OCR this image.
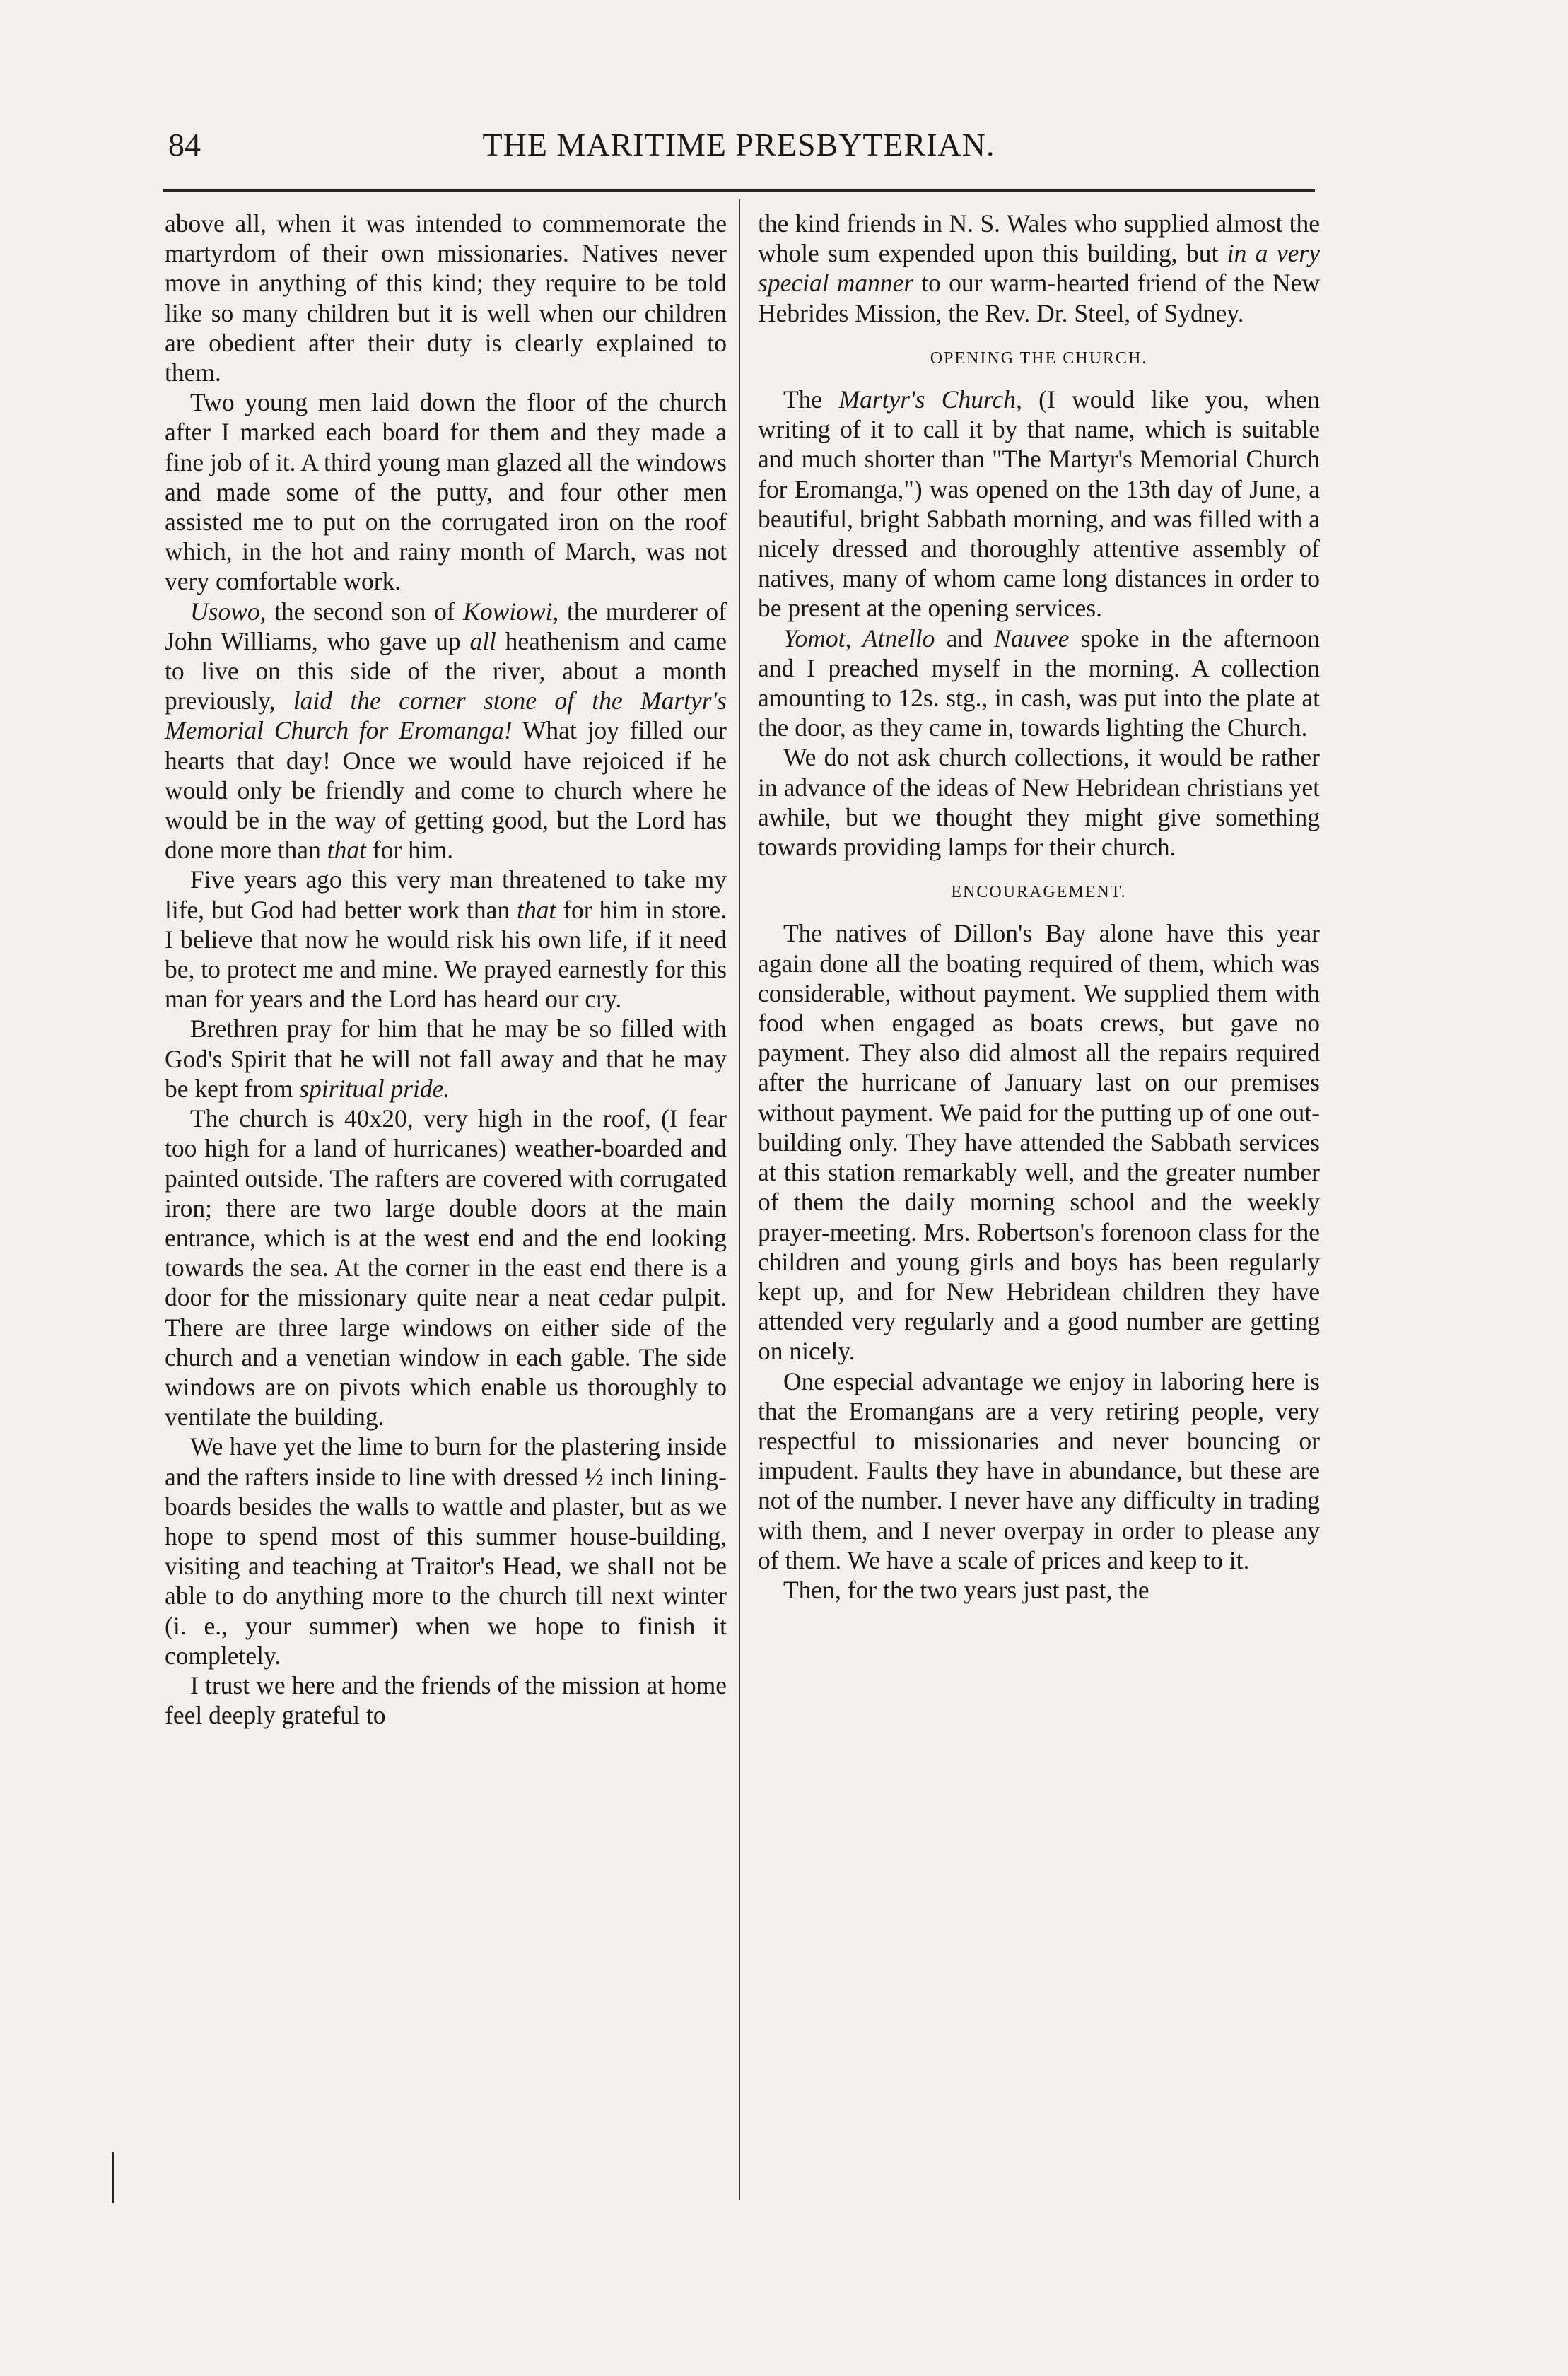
84	THE MARITIME PRESBYTERIAN.

above all, when it was intended to commemorate the martyrdom of their own missionaries. Natives never move in anything of this kind; they require to be told like so many children but it is well when our children are obedient after their duty is clearly explained to them.

Two young men laid down the floor of the church after I marked each board for them and they made a fine job of it. A third young man glazed all the windows and made some of the putty, and four other men assisted me to put on the corrugated iron on the roof which, in the hot and rainy month of March, was not very comfortable work.

Usowo, the second son of Kowiowi, the murderer of John Williams, who gave up all heathenism and came to live on this side of the river, about a month previously, laid the corner stone of the Martyr's Memorial Church for Eromanga! What joy filled our hearts that day! Once we would have rejoiced if he would only be friendly and come to church where he would be in the way of getting good, but the Lord has done more than that for him.

Five years ago this very man threatened to take my life, but God had better work than that for him in store. I believe that now he would risk his own life, if it need be, to protect me and mine. We prayed earnestly for this man for years and the Lord has heard our cry.

Brethren pray for him that he may be so filled with God's Spirit that he will not fall away and that he may be kept from spiritual pride.

The church is 40x20, very high in the roof, (I fear too high for a land of hurricanes) weather-boarded and painted outside. The rafters are covered with corrugated iron; there are two large double doors at the main entrance, which is at the west end and the end looking towards the sea. At the corner in the east end there is a door for the missionary quite near a neat cedar pulpit. There are three large windows on either side of the church and a venetian window in each gable. The side windows are on pivots which enable us thoroughly to ventilate the building.

We have yet the lime to burn for the plastering inside and the rafters inside to line with dressed ½ inch lining-boards besides the walls to wattle and plaster, but as we hope to spend most of this summer house-building, visiting and teaching at Traitor's Head, we shall not be able to do anything more to the church till next winter (i. e., your summer) when we hope to finish it completely.

I trust we here and the friends of the mission at home feel deeply grateful to

the kind friends in N. S. Wales who supplied almost the whole sum expended upon this building, but in a very special manner to our warm-hearted friend of the New Hebrides Mission, the Rev. Dr. Steel, of Sydney.

OPENING THE CHURCH.

The Martyr's Church, (I would like you, when writing of it to call it by that name, which is suitable and much shorter than "The Martyr's Memorial Church for Eromanga,") was opened on the 13th day of June, a beautiful, bright Sabbath morning, and was filled with a nicely dressed and thoroughly attentive assembly of natives, many of whom came long distances in order to be present at the opening services.

Yomot, Atnello and Nauvee spoke in the afternoon and I preached myself in the morning. A collection amounting to 12s. stg., in cash, was put into the plate at the door, as they came in, towards lighting the Church.

We do not ask church collections, it would be rather in advance of the ideas of New Hebridean christians yet awhile, but we thought they might give something towards providing lamps for their church.

ENCOURAGEMENT.

The natives of Dillon's Bay alone have this year again done all the boating required of them, which was considerable, without payment. We supplied them with food when engaged as boats crews, but gave no payment. They also did almost all the repairs required after the hurricane of January last on our premises without payment. We paid for the putting up of one out-building only. They have attended the Sabbath services at this station remarkably well, and the greater number of them the daily morning school and the weekly prayer-meeting. Mrs. Robertson's forenoon class for the children and young girls and boys has been regularly kept up, and for New Hebridean children they have attended very regularly and a good number are getting on nicely.

One especial advantage we enjoy in laboring here is that the Eromangans are a very retiring people, very respectful to missionaries and never bouncing or impudent. Faults they have in abundance, but these are not of the number. I never have any difficulty in trading with them, and I never overpay in order to please any of them. We have a scale of prices and keep to it.

Then, for the two years just past, the
